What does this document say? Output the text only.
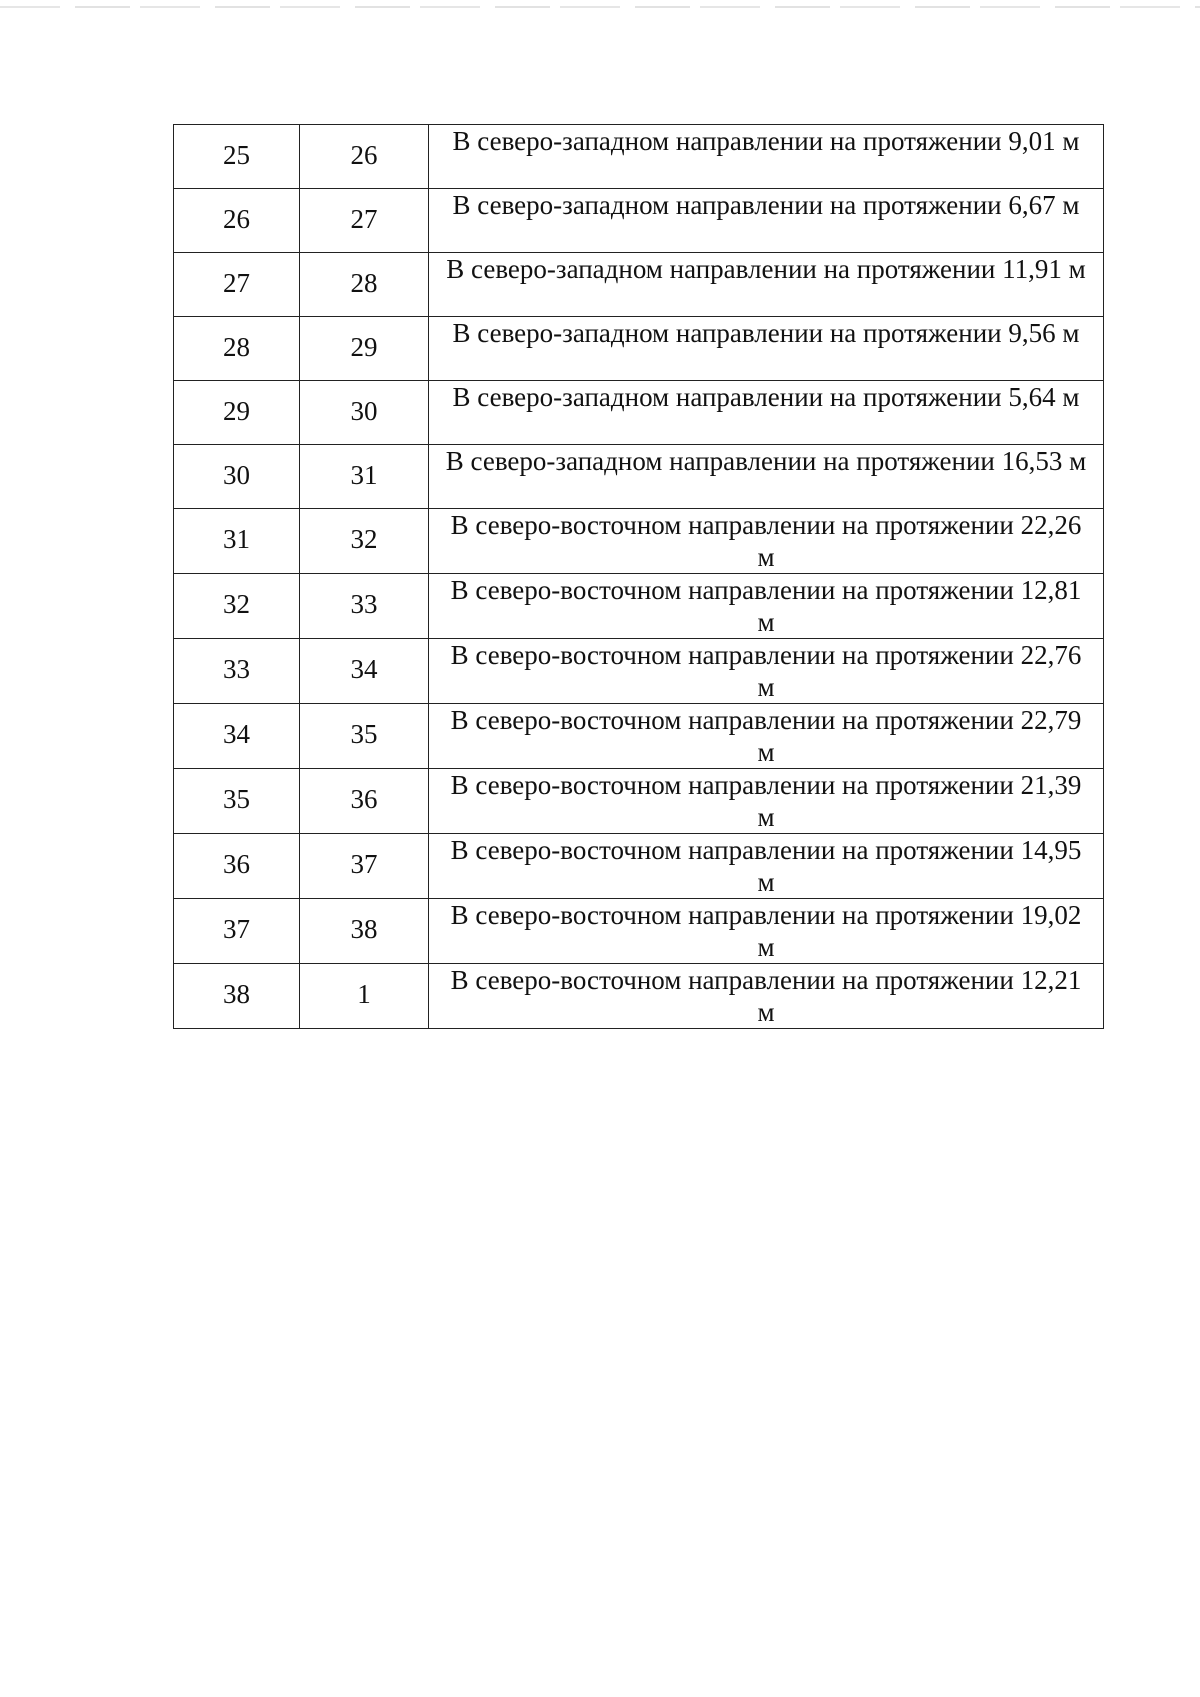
25	26	В северо-западном направлении на протяжении 9,01 м

26	27	В северо-западном направлении на протяжении 6,67 м

27	28	В северо-западном направлении на протяжении 11,91 м

28	29	В северо-западном направлении на протяжении 9,56 м

29	30	В северо-западном направлении на протяжении 5,64 м

30	31	В северо-западном направлении на протяжении 16,53 м

31	32	В северо-восточном направлении на протяжении 22,26 м

32	33	В северо-восточном направлении на протяжении 12,81 м

33	34	В северо-восточном направлении на протяжении 22,76 м

34	35	В северо-восточном направлении на протяжении 22,79 м

35	36	В северо-восточном направлении на протяжении 21,39 м

36	37	В северо-восточном направлении на протяжении 14,95 м

37	38	В северо-восточном направлении на протяжении 19,02 м

38	1	В северо-восточном направлении на протяжении 12,21 м
